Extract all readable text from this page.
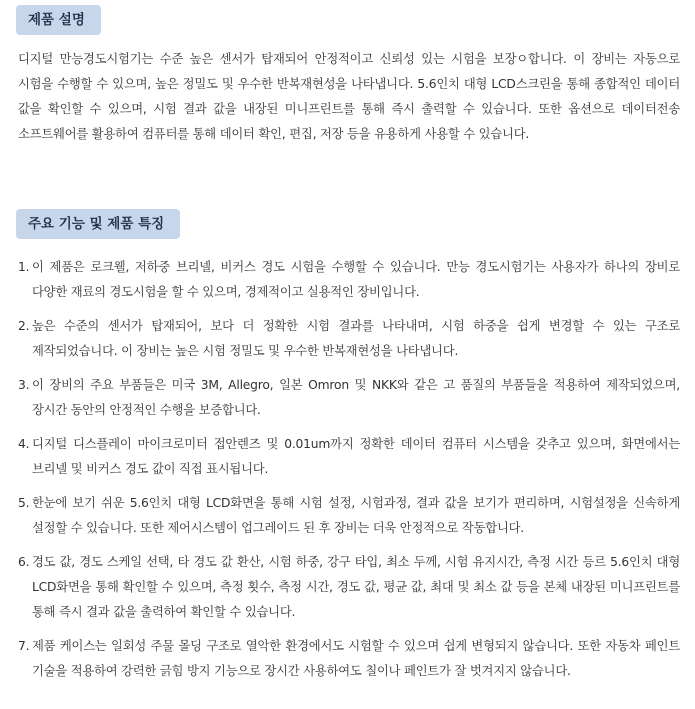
제품 설명
디지털 만능경도시험기는 수준 높은 센서가 탑재되어 안정적이고 신뢰성 있는 시험을 보장ㅇ합니다. 이 장비는 자동으로 시험을 수행할 수 있으며, 높은 정밀도 및 우수한 반복재현성을 나타냅니다. 5.6인치 대형 LCD스크린을 통해 종합적인 데이터 값을 확인할 수 있으며, 시험 결과 값을 내장된 미니프린트를 통해 즉시 출력할 수 있습니다. 또한 옵션으로 데이터전송 소프트웨어를 활용하여 컴퓨터를 통해 데이터 확인, 편집, 저장 등을 유용하게 사용할 수 있습니다.
주요 기능 및 제품 특징
1. 이 제품은 로크웰, 저하중 브리넬, 비커스 경도 시험을 수행할 수 있습니다. 만능 경도시험기는 사용자가 하나의 장비로 다양한 재료의 경도시험을 할 수 있으며, 경제적이고 실용적인 장비입니다.
2. 높은 수준의 센서가 탑재되어, 보다 더 정확한 시험 결과를 나타내며, 시험 하중을 쉽게 변경할 수 있는 구조로 제작되었습니다. 이 장비는 높은 시험 정밀도 및 우수한 반복재현성을 나타냅니다.
3. 이 장비의 주요 부품들은 미국 3M, Allegro, 일본 Omron 및 NKK와 같은 고 품질의 부품들을 적용하여 제작되었으며, 장시간 동안의 안정적인 수행을 보증합니다.
4. 디지털 디스플레이 마이크로미터 접안렌즈 및 0.01um까지 정확한 데이터 컴퓨터 시스템을 갖추고 있으며, 화면에서는 브리넬 및 비커스 경도 값이 직접 표시됩니다.
5. 한눈에 보기 쉬운 5.6인치 대형 LCD화면을 통해 시험 설정, 시험과정, 결과 값을 보기가 편리하며, 시험설정을 신속하게 설정할 수 있습니다. 또한 제어시스템이 업그레이드 된 후 장비는 더욱 안정적으로 작동합니다.
6. 경도 값, 경도 스케일 선택, 타 경도 값 환산, 시험 하중, 강구 타입, 최소 두께, 시험 유지시간, 측정 시간 등르 5.6인치 대형 LCD화면을 통해 확인할 수 있으며, 측정 횟수, 측정 시간, 경도 값, 평균 값, 최대 및 최소 값 등을 본체 내장된 미니프린트를 통해 즉시 결과 값을 출력하여 확인할 수 있습니다.
7. 제품 케이스는 일회성 주물 몰딩 구조로 열악한 환경에서도 시험할 수 있으며 쉽게 변형되지 않습니다. 또한 자동차 페인트 기술을 적용하여 강력한 긁힘 방지 기능으로 장시간 사용하여도 칠이나 페인트가 잘 벗겨지지 않습니다.
